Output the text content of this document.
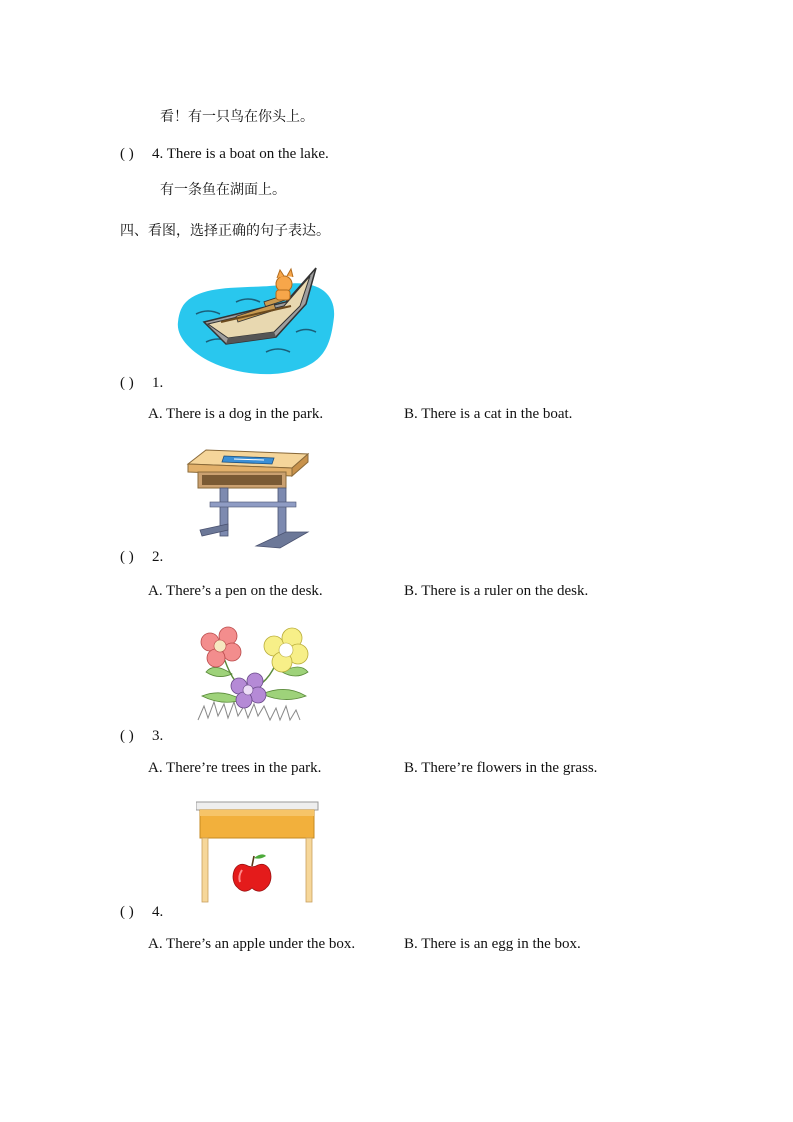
看！有一只鸟在你头上。
( ) 4. There is a boat on the lake.
有一条鱼在湖面上。
四、看图，选择正确的句子表达。
( ) 1.
A. There is a dog in the park.	B. There is a cat in the boat.
( ) 2.
A. There’s a pen on the desk.	B. There is a ruler on the desk.
( ) 3.
A. There’re trees in the park.	B. There’re flowers in the grass.
( ) 4.
A. There’s an apple under the box.	B. There is an egg in the box.
